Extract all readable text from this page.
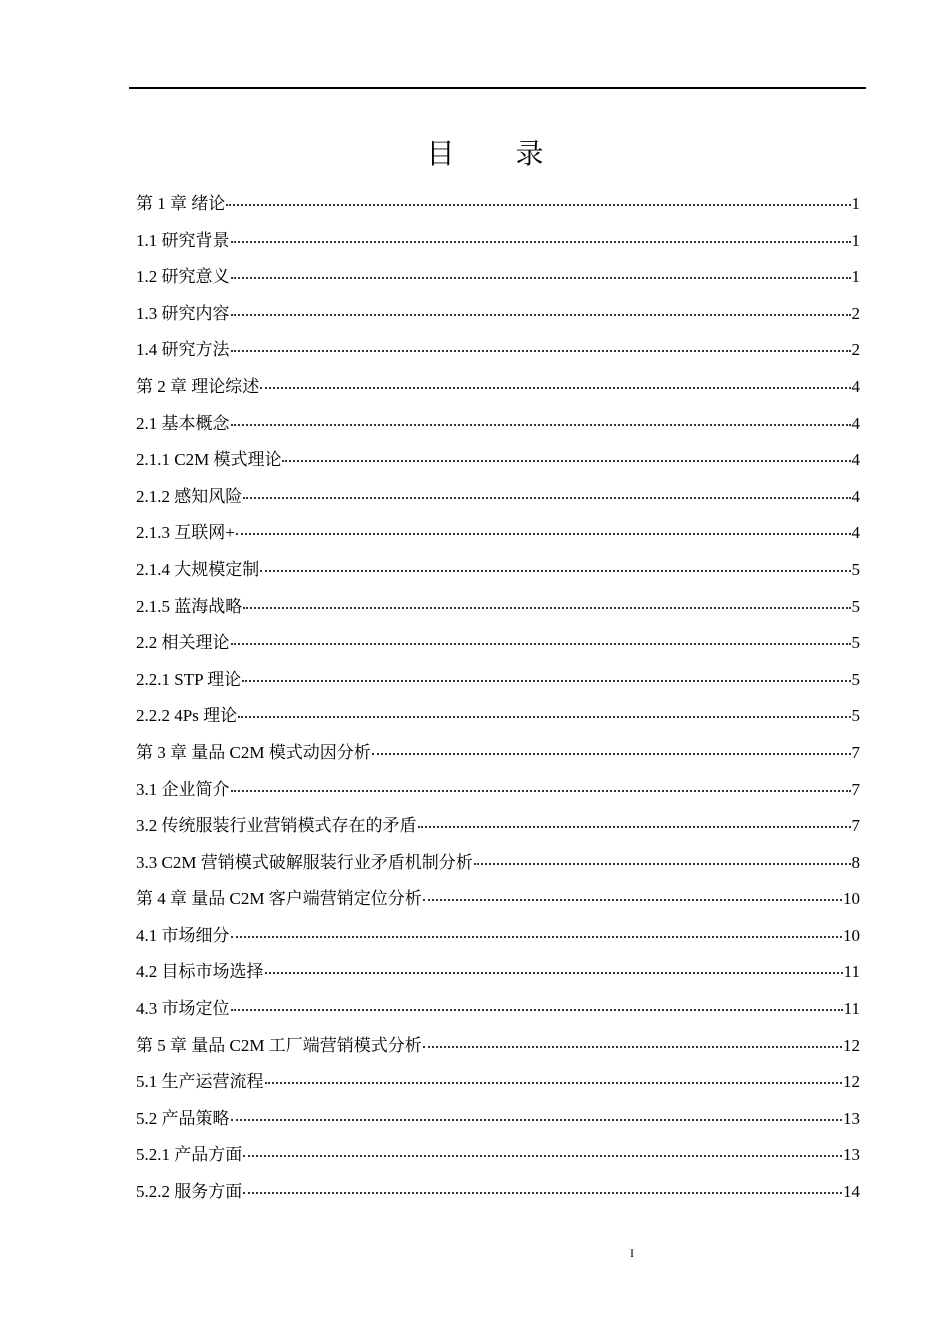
目 录
第 1 章 绪论	1
1.1 研究背景	1
1.2 研究意义	1
1.3 研究内容	2
1.4 研究方法	2
第 2 章 理论综述	4
2.1 基本概念	4
2.1.1 C2M 模式理论	4
2.1.2 感知风险	4
2.1.3 互联网+	4
2.1.4 大规模定制	5
2.1.5 蓝海战略	5
2.2 相关理论	5
2.2.1 STP 理论	5
2.2.2 4Ps 理论	5
第 3 章 量品 C2M 模式动因分析	7
3.1 企业简介	7
3.2 传统服装行业营销模式存在的矛盾	7
3.3 C2M 营销模式破解服装行业矛盾机制分析	8
第 4 章 量品 C2M 客户端营销定位分析	10
4.1 市场细分	10
4.2 目标市场选择	11
4.3 市场定位	11
第 5 章 量品 C2M 工厂端营销模式分析	12
5.1 生产运营流程	12
5.2 产品策略	13
5.2.1 产品方面	13
5.2.2 服务方面	14
I
